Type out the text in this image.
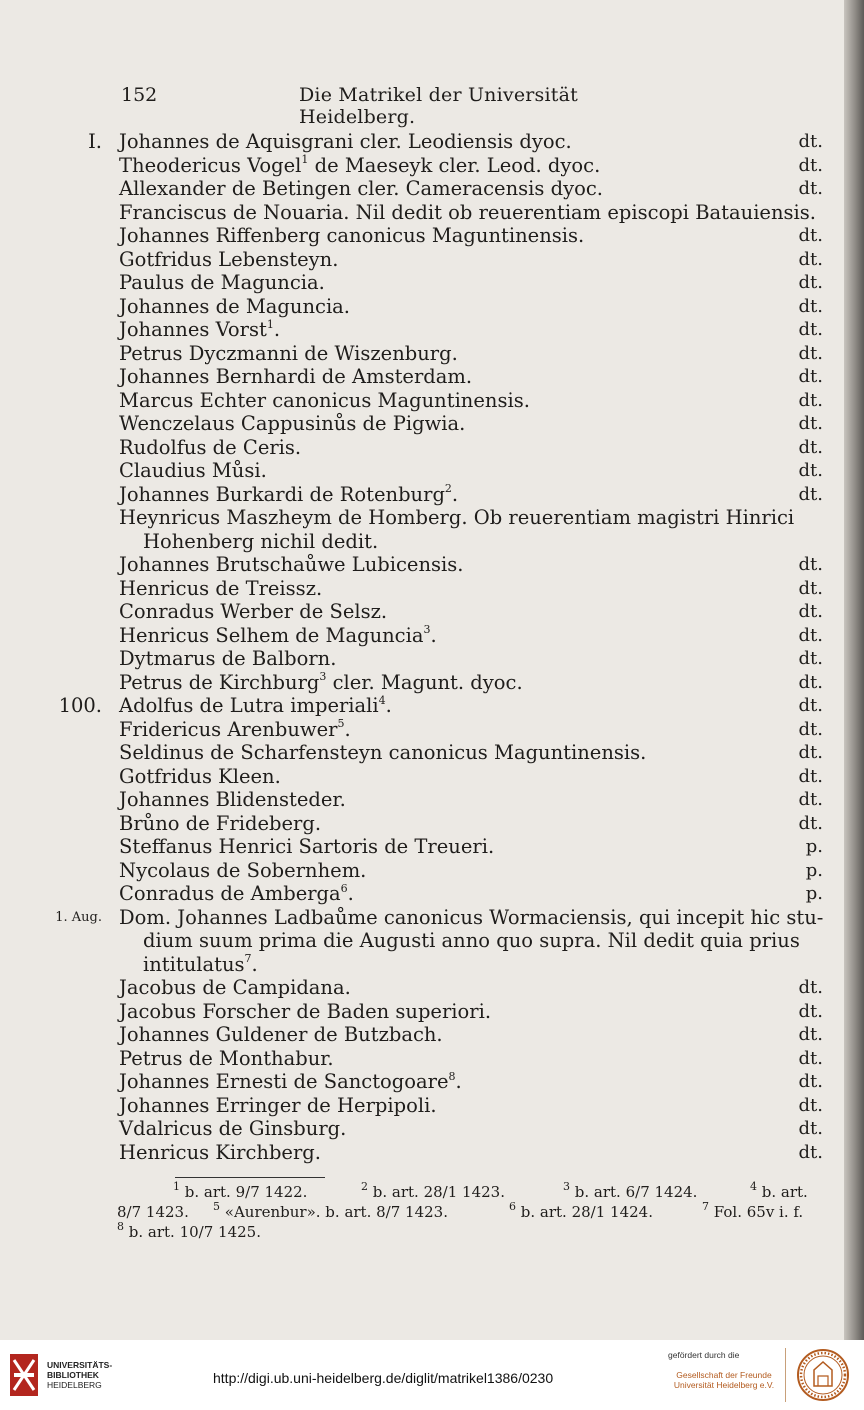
152	Die Matrikel der Universität Heidelberg.
I. Johannes de Aquisgrani cler. Leodiensis dyoc.	dt.
Theodericus Vogel$^1$ de Maeseyk cler. Leod. dyoc.	dt.
Allexander de Betingen cler. Cameracensis dyoc.	dt.
Franciscus de Nouaria. Nil dedit ob reuerentiam episcopi Batauiensis.
Johannes Riffenberg canonicus Maguntinensis.	dt.
Gotfridus Lebensteyn.	dt.
Paulus de Maguncia.	dt.
Johannes de Maguncia.	dt.
Johannes Vorst$^1$.	dt.
Petrus Dyczmanni de Wiszenburg.	dt.
Johannes Bernhardi de Amsterdam.	dt.
Marcus Echter canonicus Maguntinensis.	dt.
Wenczelaus Cappusinůs de Pigwia.	dt.
Rudolfus de Ceris.	dt.
Claudius Můsi.	dt.
Johannes Burkardi de Rotenburg$^2$.	dt.
Heynricus Maszheym de Homberg. Ob reuerentiam magistri Hinrici
Hohenberg nichil dedit.
Johannes Brutschaůwe Lubicensis.	dt.
Henricus de Treissz.	dt.
Conradus Werber de Selsz.	dt.
Henricus Selhem de Maguncia$^3$.	dt.
Dytmarus de Balborn.	dt.
Petrus de Kirchburg$^3$ cler. Magunt. dyoc.	dt.
100. Adolfus de Lutra imperiali$^4$.	dt.
Fridericus Arenbuwer$^5$.	dt.
Seldinus de Scharfensteyn canonicus Maguntinensis.	dt.
Gotfridus Kleen.	dt.
Johannes Blidensteder.	dt.
Brůno de Frideberg.	dt.
Steffanus Henrici Sartoris de Treueri.	p.
Nycolaus de Sobernhem.	p.
Conradus de Amberga$^6$.	p.
1. Aug. Dom. Johannes Ladbaůme canonicus Wormaciensis, qui incepit hic stu-
dium suum prima die Augusti anno quo supra. Nil dedit quia prius
intitulatus$^7$.
Jacobus de Campidana.	dt.
Jacobus Forscher de Baden superiori.	dt.
Johannes Guldener de Butzbach.	dt.
Petrus de Monthabur.	dt.
Johannes Ernesti de Sanctogoare$^8$.	dt.
Johannes Erringer de Herpipoli.	dt.
Vdalricus de Ginsburg.	dt.
Henricus Kirchberg.	dt.
$^1$ b. art. 9/7 1422.	$^2$ b. art. 28/1 1423.	$^3$ b. art. 6/7 1424.	$^4$ b. art.
8/7 1423. $^5$ «Aurenbur». b. art. 8/7 1423.	$^6$ b. art. 28/1 1424.	$^7$ Fol. 65v i. f.
$^8$ b. art. 10/7 1425.
UNIVERSITÄTS-
BIBLIOTHEK
HEIDELBERG	http://digi.ub.uni-heidelberg.de/diglit/matrikel1386/0230
gefördert durch die
Gesellschaft der Freunde
Universität Heidelberg e.V.
